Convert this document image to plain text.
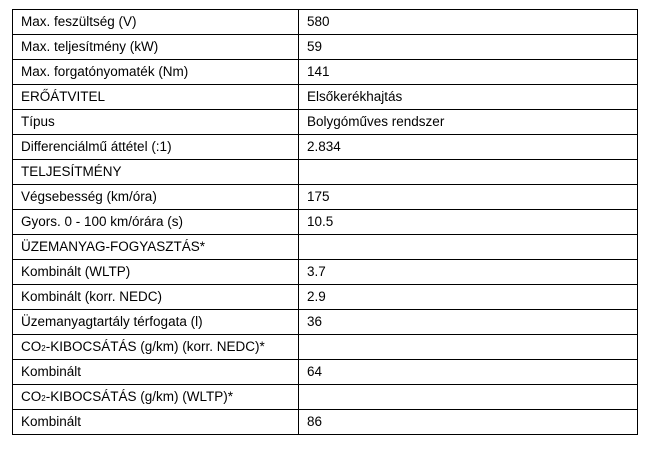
Max. feszültség (V)	580
Max. teljesítmény (kW)	59
Max. forgatónyomaték (Nm)	141
ERŐÁTVITEL	Elsőkerékhajtás
Típus	Bolygóműves rendszer
Differenciálmű áttétel (:1)	2.834
TELJESÍTMÉNY	
Végsebesség (km/óra)	175
Gyors. 0 - 100 km/órára (s)	10.5
ÜZEMANYAG-FOGYASZTÁS*	
Kombinált (WLTP)	3.7
Kombinált (korr. NEDC)	2.9
Üzemanyagtartály térfogata (l)	36
CO2-KIBOCSÁTÁS (g/km) (korr. NEDC)*	
Kombinált	64
CO2-KIBOCSÁTÁS (g/km) (WLTP)*	
Kombinált	86
